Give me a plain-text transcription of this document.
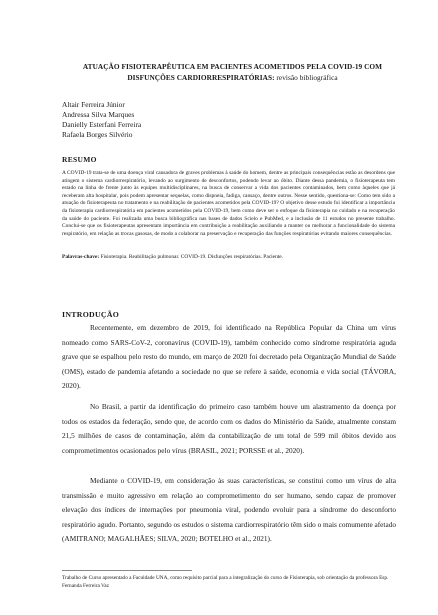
ATUAÇÃO FISIOTERAPÊUTICA EM PACIENTES ACOMETIDOS PELA COVID-19 COM DISFUNÇÕES CARDIORRESPIRATÓRIAS: revisão bibliográfica
Altair Ferreira Júnior
Andressa Silva Marques
Danielly Esterfani Ferreira
Rafaela Borges Silvério
RESUMO
A COVID-19 trata-se de uma doença viral causadora de graves problemas à saúde do homem, dentre as principais consequências estão as desordens que atingem o sistema cardiorrespiratório, levando ao surgimento de desconfortos, podendo levar ao óbito. Diante dessa pandemia, o fisioterapeuta tem estado na linha de frente junto às equipes multidisciplinares, na busca de conservar a vida dos pacientes contaminados, bem como àqueles que já receberam alta hospitalar, pois podem apresentar sequelas, como dispneia, fadiga, cansaço, dentre outros. Nesse sentido, questiona-se: Como tem sido a atuação do fisioterapeuta no tratamento e na reabilitação de pacientes acometidos pela COVID-19? O objetivo desse estudo foi identificar a importância da fisioterapia cardiorrespiratória em pacientes acometidos pela COVID-19, bem como deve ser o enfoque da fisioterapia no cuidado e na recuperação da saúde do paciente. Foi realizada uma busca bibliográfica nas bases de dados Scielo e PubMed, e a inclusão de 11 estudos no presente trabalho. Conclui-se que os fisioterapeutas apresentam importância em contribuição a reabilitação auxiliando a manter ou melhorar a funcionalidade do sistema respiratório, em relação as trocas gasosas, de modo a colaborar na preservação e recuperação das funções respiratórias evitando maiores consequências.
Palavras-chave: Fisioterapia. Reabilitação pulmonar. COVID-19. Disfunções respiratórias. Paciente.
INTRODUÇÃO
Recentemente, em dezembro de 2019, foi identificado na República Popular da China um vírus nomeado como SARS-CoV-2, coronavírus (COVID-19), também conhecido como síndrome respiratória aguda grave que se espalhou pelo resto do mundo, em março de 2020 foi decretado pela Organização Mundial de Saúde (OMS), estado de pandemia afetando a sociedade no que se refere à saúde, economia e vida social (TÁVORA, 2020).
No Brasil, a partir da identificação do primeiro caso também houve um alastramento da doença por todos os estados da federação, sendo que, de acordo com os dados do Ministério da Saúde, atualmente constam 21,5 milhões de casos de contaminação, além da contabilização de um total de 599 mil óbitos devido aos comprometimentos ocasionados pelo vírus (BRASIL, 2021; PORSSE et al., 2020).
Mediante o COVID-19, em consideração às suas características, se constitui como um vírus de alta transmissão e muito agressivo em relação ao comprometimento do ser humano, sendo capaz de promover elevação dos índices de internações por pneumonia viral, podendo evoluir para a síndrome do desconforto respiratório agudo. Portanto, segundo os estudos o sistema cardiorrespiratório têm sido o mais comumente afetado (AMITRANO; MAGALHÃES; SILVA, 2020; BOTELHO et al., 2021).
Trabalho de Curso apresentado a Faculdade UNA, como requisito parcial para a integralização do curso de Fisioterapia, sob orientação da professora Esp. Fernanda Ferreira Vaz
